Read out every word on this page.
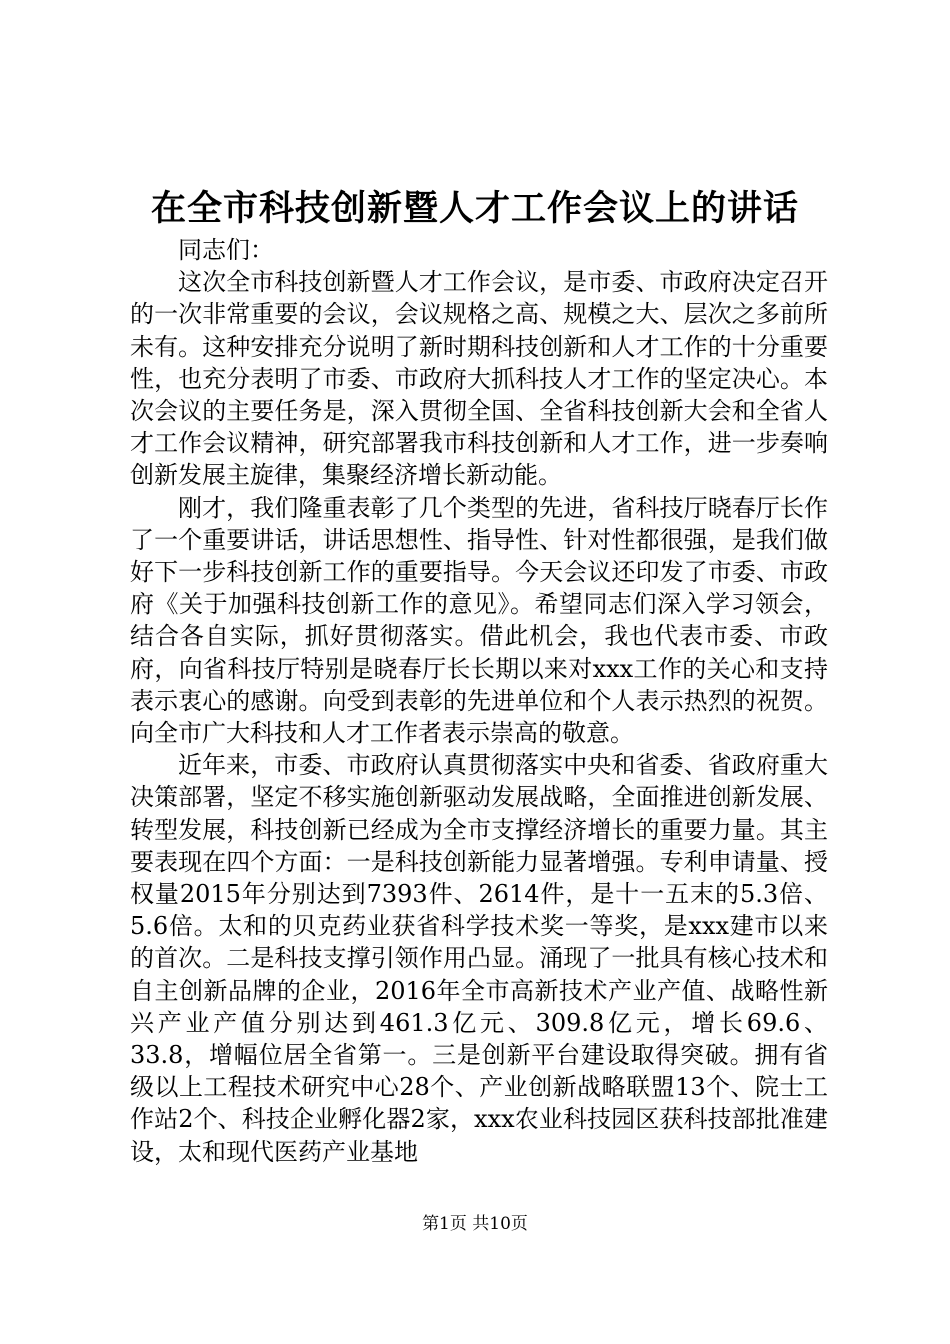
在全市科技创新暨人才工作会议上的讲话

同志们：

这次全市科技创新暨人才工作会议，是市委、市政府决定召开的一次非常重要的会议，会议规格之高、规模之大、层次之多前所未有。这种安排充分说明了新时期科技创新和人才工作的十分重要性，也充分表明了市委、市政府大抓科技人才工作的坚定决心。本次会议的主要任务是，深入贯彻全国、全省科技创新大会和全省人才工作会议精神，研究部署我市科技创新和人才工作，进一步奏响创新发展主旋律，集聚经济增长新动能。

刚才，我们隆重表彰了几个类型的先进，省科技厅晓春厅长作了一个重要讲话，讲话思想性、指导性、针对性都很强，是我们做好下一步科技创新工作的重要指导。今天会议还印发了市委、市政府《关于加强科技创新工作的意见》。希望同志们深入学习领会，结合各自实际，抓好贯彻落实。借此机会，我也代表市委、市政府，向省科技厅特别是晓春厅长长期以来对xxx工作的关心和支持表示衷心的感谢。向受到表彰的先进单位和个人表示热烈的祝贺。向全市广大科技和人才工作者表示崇高的敬意。

近年来，市委、市政府认真贯彻落实中央和省委、省政府重大决策部署，坚定不移实施创新驱动发展战略，全面推进创新发展、转型发展，科技创新已经成为全市支撑经济增长的重要力量。其主要表现在四个方面：一是科技创新能力显著增强。专利申请量、授权量2015年分别达到7393件、2614件，是十一五末的5.3倍、5.6倍。太和的贝克药业获省科学技术奖一等奖，是xxx建市以来的首次。二是科技支撑引领作用凸显。涌现了一批具有核心技术和自主创新品牌的企业，2016年全市高新技术产业产值、战略性新兴产业产值分别达到461.3亿元、309.8亿元，增长69.6、33.8，增幅位居全省第一。三是创新平台建设取得突破。拥有省级以上工程技术研究中心28个、产业创新战略联盟13个、院士工作站2个、科技企业孵化器2家，xxx农业科技园区获科技部批准建设，太和现代医药产业基地

第1页 共10页
